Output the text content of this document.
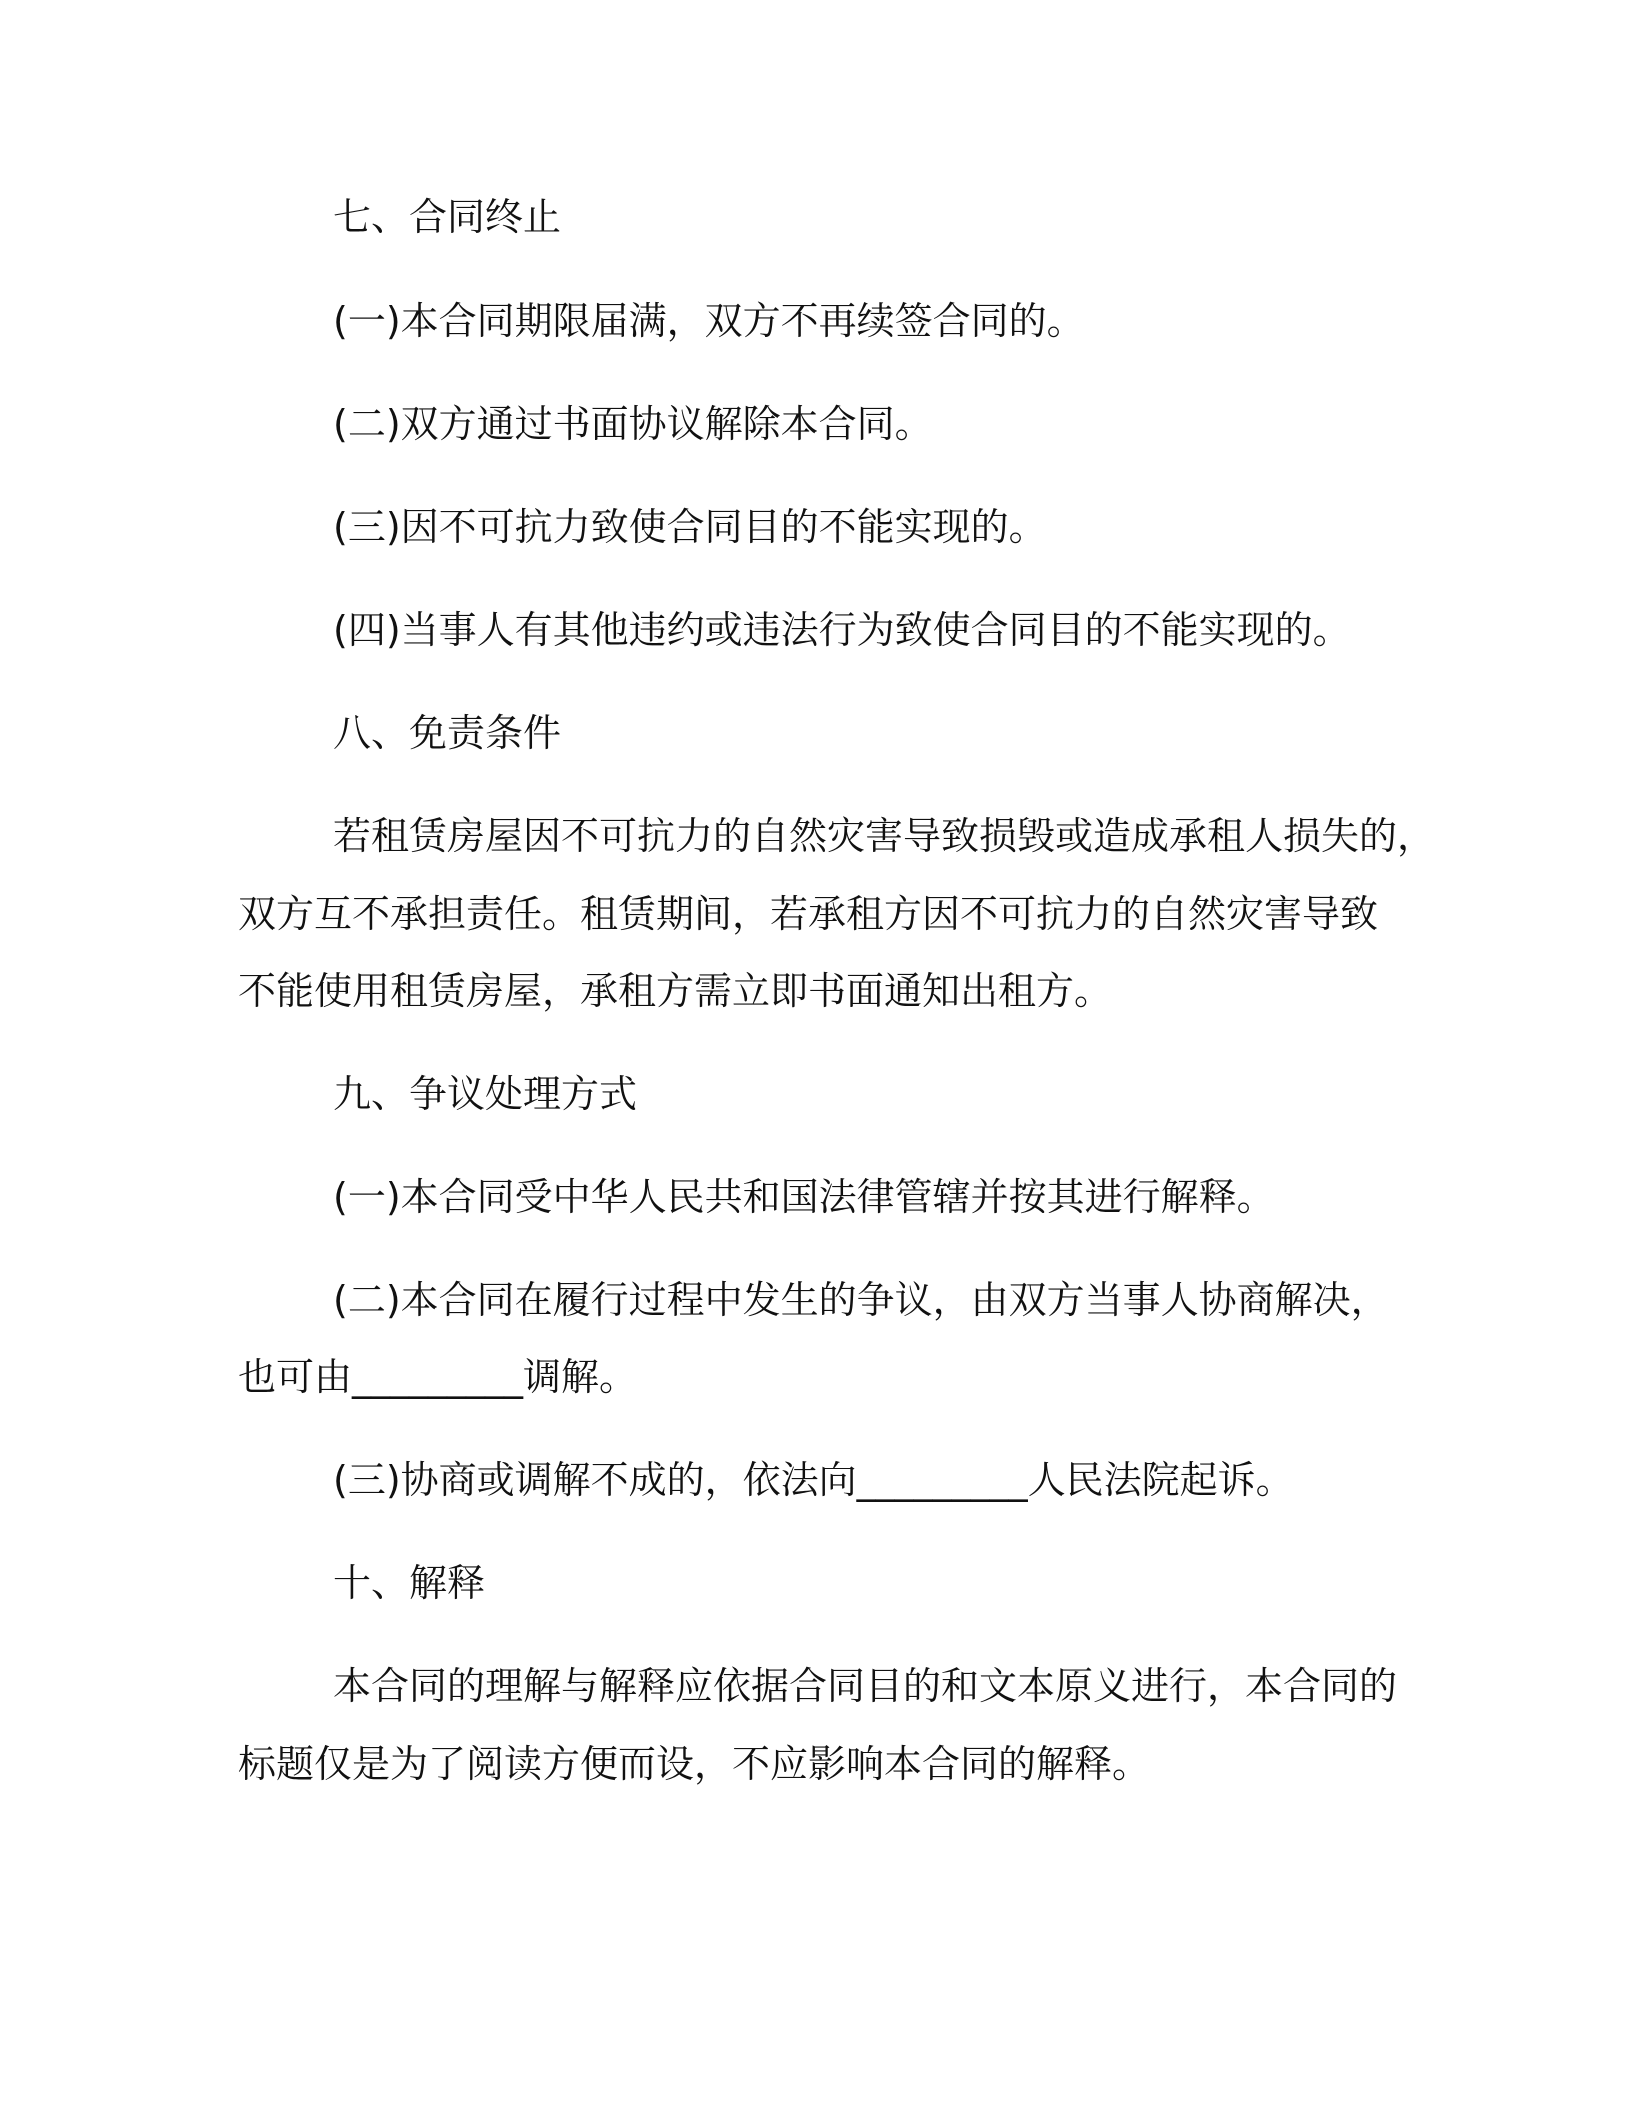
七、合同终止
(一)本合同期限届满，双方不再续签合同的。
(二)双方通过书面协议解除本合同。
(三)因不可抗力致使合同目的不能实现的。
(四)当事人有其他违约或违法行为致使合同目的不能实现的。
八、免责条件
若租赁房屋因不可抗力的自然灾害导致损毁或造成承租人损失的，
双方互不承担责任。租赁期间，若承租方因不可抗力的自然灾害导致
不能使用租赁房屋，承租方需立即书面通知出租方。
九、争议处理方式
(一)本合同受中华人民共和国法律管辖并按其进行解释。
(二)本合同在履行过程中发生的争议，由双方当事人协商解决，
也可由_________调解。
(三)协商或调解不成的，依法向_________人民法院起诉。
十、解释
本合同的理解与解释应依据合同目的和文本原义进行，本合同的
标题仅是为了阅读方便而设，不应影响本合同的解释。
